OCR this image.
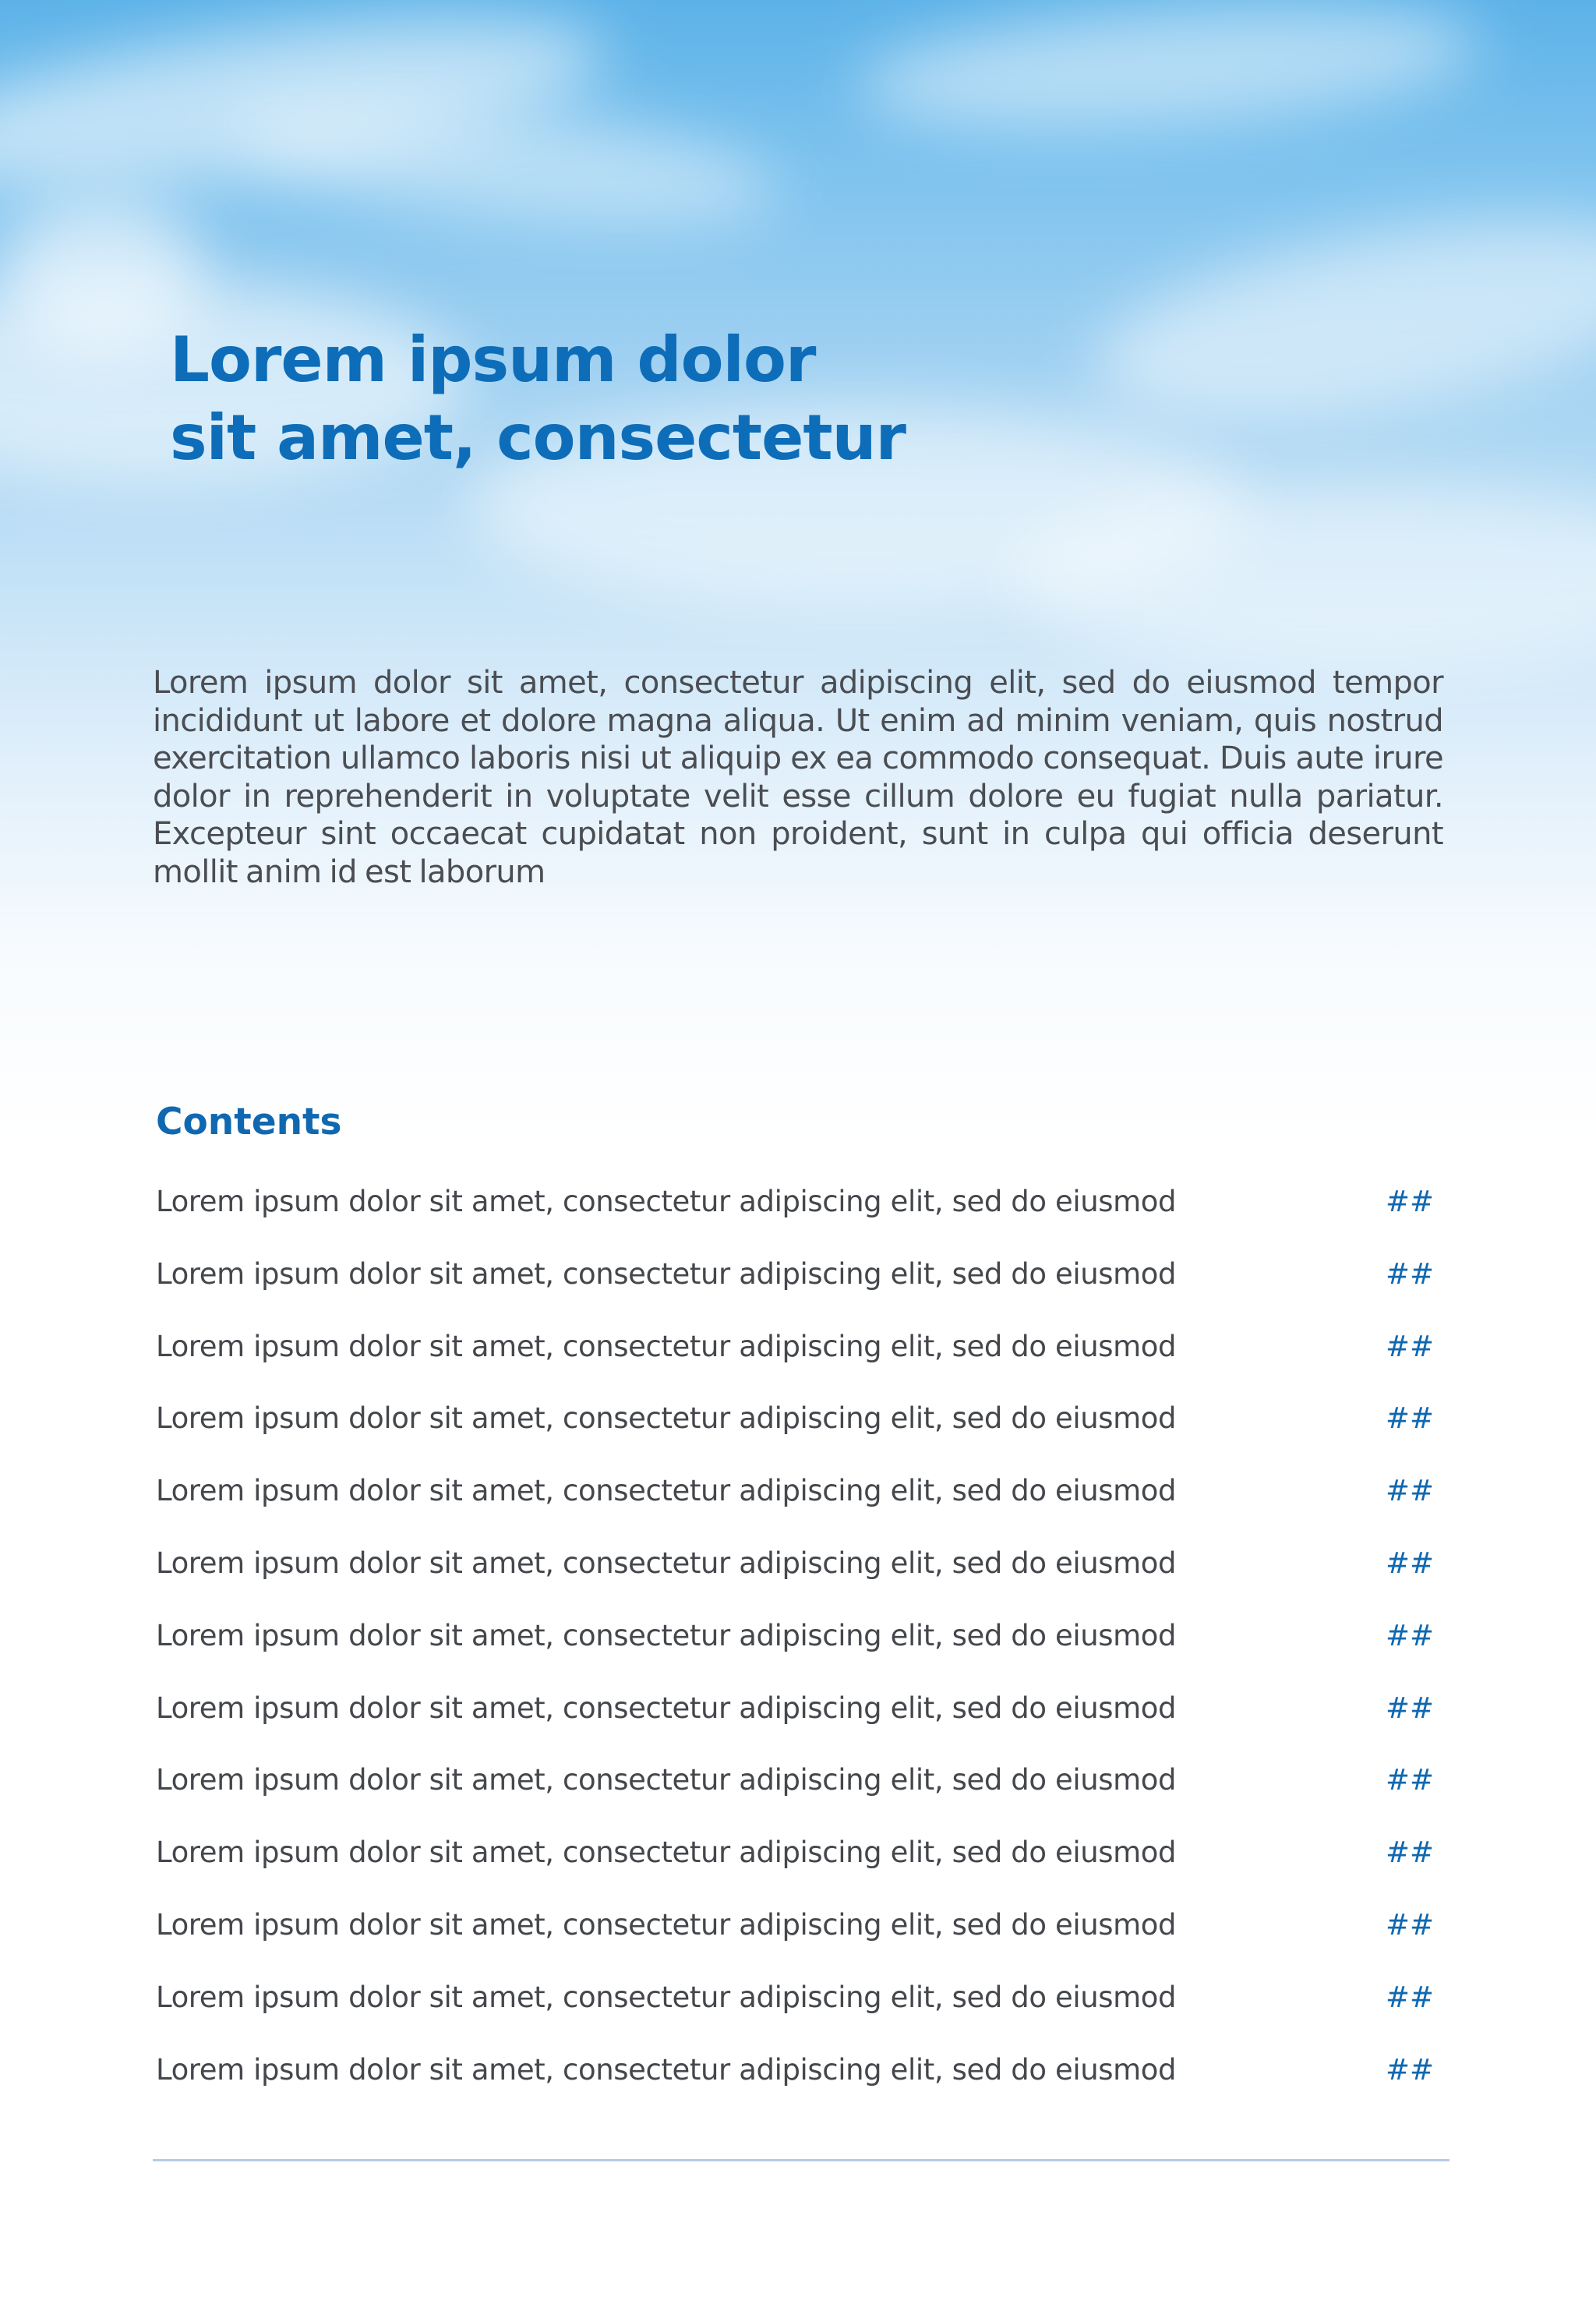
Lorem ipsum dolor
sit amet, consectetur

Lorem ipsum dolor sit amet, consectetur adipiscing elit, sed do eiusmod tempor incididunt ut labore et dolore magna aliqua. Ut enim ad minim veniam, quis nostrud exercitation ullamco laboris nisi ut aliquip ex ea commodo consequat. Duis aute irure dolor in reprehenderit in voluptate velit esse cillum dolore eu fugiat nulla pariatur. Excepteur sint occaecat cupidatat non proident, sunt in culpa qui officia deserunt mollit anim id est laborum

Contents
Lorem ipsum dolor sit amet, consectetur adipiscing elit, sed do eiusmod	##
Lorem ipsum dolor sit amet, consectetur adipiscing elit, sed do eiusmod	##
Lorem ipsum dolor sit amet, consectetur adipiscing elit, sed do eiusmod	##
Lorem ipsum dolor sit amet, consectetur adipiscing elit, sed do eiusmod	##
Lorem ipsum dolor sit amet, consectetur adipiscing elit, sed do eiusmod	##
Lorem ipsum dolor sit amet, consectetur adipiscing elit, sed do eiusmod	##
Lorem ipsum dolor sit amet, consectetur adipiscing elit, sed do eiusmod	##
Lorem ipsum dolor sit amet, consectetur adipiscing elit, sed do eiusmod	##
Lorem ipsum dolor sit amet, consectetur adipiscing elit, sed do eiusmod	##
Lorem ipsum dolor sit amet, consectetur adipiscing elit, sed do eiusmod	##
Lorem ipsum dolor sit amet, consectetur adipiscing elit, sed do eiusmod	##
Lorem ipsum dolor sit amet, consectetur adipiscing elit, sed do eiusmod	##
Lorem ipsum dolor sit amet, consectetur adipiscing elit, sed do eiusmod	##
